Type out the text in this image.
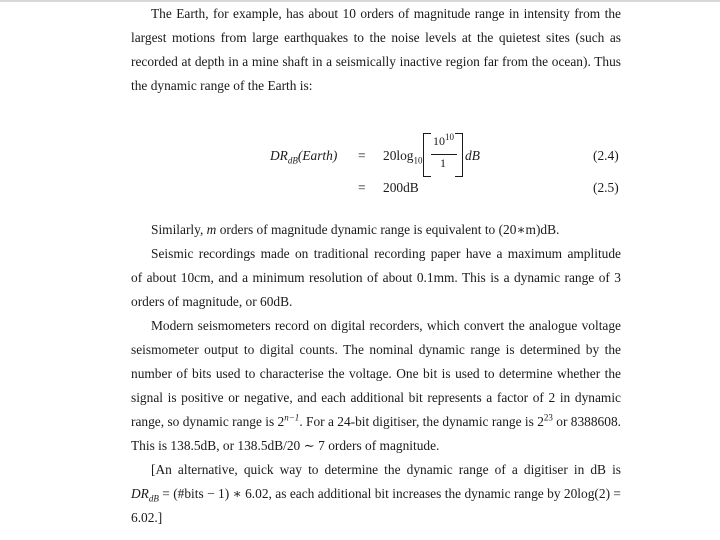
The Earth, for example, has about 10 orders of magnitude range in intensity from the
largest motions from large earthquakes to the noise levels at the quietest sites (such as
recorded at depth in a mine shaft in a seismically inactive region far from the ocean). Thus
the dynamic range of the Earth is:
$DR_{dB}(Earth) = 20\log_{10}$
$10^{10}$
1 dB	(2.4)
= 200dB	(2.5)
Similarly, m orders of magnitude dynamic range is equivalent to (20∗m)dB.
Seismic recordings made on traditional recording paper have a maximum amplitude
of about 10cm, and a minimum resolution of about 0.1mm. This is a dynamic range of 3
orders of magnitude, or 60dB.
Modern seismometers record on digital recorders, which convert the analogue voltage
seismometer output to digital counts. The nominal dynamic range is determined by the
number of bits used to characterise the voltage. One bit is used to determine whether the
signal is positive or negative, and each additional bit represents a factor of 2 in dynamic
range, so dynamic range is $2^{n-1}$. For a 24-bit digitiser, the dynamic range is $2^{23}$ or 8388608.
This is 138.5dB, or 138.5dB/20 ∼ 7 orders of magnitude.
[An alternative, quick way to determine the dynamic range of a digitiser in dB is
$DR_{dB}$ = (#bits − 1) ∗ 6.02, as each additional bit increases the dynamic range by 20log(2) =
6.02.]
